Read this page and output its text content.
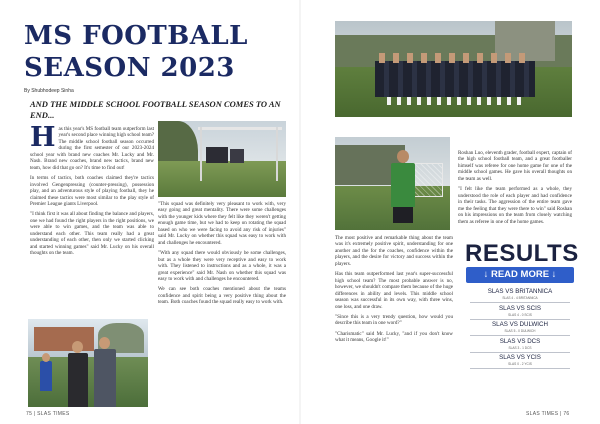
MS FOOTBALL
SEASON 2023
By Shubhodeep Sinha
AND THE MIDDLE SCHOOL FOOTBALL SEASON COMES TO AN END...

Has this year's MS football team outperform last year's second place winning high school team? The middle school football season occurred during the first semester of our 2023-2024 school year with brand new coaches Mr. Lucky and Mr. Nash. Brand new coaches, brand new tactics, brand new team, how did that go on? It's time to find out!

In terms of tactics, both coaches claimed they're tactics involved Gengenpressing (counter-pressing), possession play, and an adventurous style of playing football, they he claimed these tactics were most similar to the play style of Premier League giants Liverpool.

"I think first it was all about finding the balance and players, one we had found the right players in the right positions, we were able to win games, and the team was able to understand each other. This team really had a great understanding of each other, then only we started clicking and started winning games" said Mr. Lucky on his overall thoughts on the team.

"This squad was definitely very pleasant to work with, very easy going and great mentality. There were some challenges with the younger kids where they felt like they weren't getting enough game time, but we had to keep on rotating the squad based on who we were facing to avoid any risk of injuries" said Mr. Lucky on whether this squad was easy to work with and challenges he encountered.

"With any squad there would obviously be some challenges, but as a whole they were very receptive and easy to work with. They listened to instructions and as a whole, it was a great experience" said Mr. Nash on whether this squad was easy to work with and challenges he encountered.

We can see both coaches mentioned about the teams confidence and spirit being a very positive thing about the team. Both coaches found the squad really easy to work with.

The most positive and remarkable thing about the team was it's extremely positive spirit, understanding for one another and the for the coaches, confidence within the players, and the desire for victory and success within the players.

Has this team outperformed last year's super-successful high school team? The most probable answer is no, however, we shouldn't compare them because of the huge differences in ability and levels. This middle school season was successful in its own way, with three wins, one loss, and one draw.

"Since this is a very trendy question, how would you describe this team in one word?"

"Charismatic" said Mr. Lucky, "and if you don't know what it means, Google it!"

Roshan Luo, eleventh grader, football expert, captain of the high school football team, and a great footballer himself was referee for one home game for one of the middle school games. He gave his overall thoughts on the team as well.

"I felt like the team performed as a whole, they understood the role of each player and had confidence in their tasks. The aggression of the entire team gave me the feeling that they were there to win" said Roshan on his impressions on the team from closely watching them as referee in one of the home games.

RESULTS
↓ READ MORE ↓
SLAS VS BRITANNICA
SLAS 4 - 4 BRITANNICA
SLAS VS SCIS
SLAS 4 - 0 SCIS
SLAS VS DULWICH
SLAS 5 - 0 DULWICH
SLAS VS DCS
SLAS 3 - 1 DCS
SLAS VS YCIS
SLAS 0 - 2 YCIS
75 | SLAS TIMES	SLAS TIMES | 76
